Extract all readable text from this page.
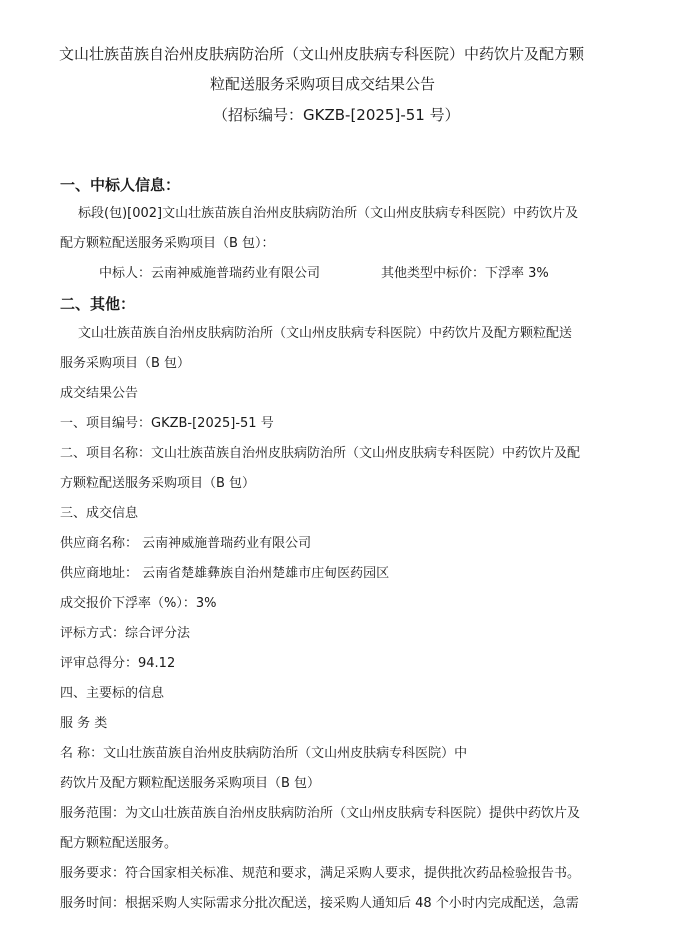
文山壮族苗族自治州皮肤病防治所（文山州皮肤病专科医院）中药饮片及配方颗
粒配送服务采购项目成交结果公告
（招标编号：GKZB-[2025]-51 号）
一、中标人信息：
标段(包)[002]文山壮族苗族自治州皮肤病防治所（文山州皮肤病专科医院）中药饮片及
配方颗粒配送服务采购项目（B 包）：
中标人：云南神威施普瑞药业有限公司	其他类型中标价：下浮率 3%
二、其他：
文山壮族苗族自治州皮肤病防治所（文山州皮肤病专科医院）中药饮片及配方颗粒配送
服务采购项目（B 包）
成交结果公告
一、项目编号：GKZB-[2025]-51 号
二、项目名称：文山壮族苗族自治州皮肤病防治所（文山州皮肤病专科医院）中药饮片及配
方颗粒配送服务采购项目（B 包）
三、成交信息
供应商名称： 云南神威施普瑞药业有限公司
供应商地址： 云南省楚雄彝族自治州楚雄市庄甸医药园区
成交报价下浮率（%）：3%
评标方式：综合评分法
评审总得分：94.12
四、主要标的信息
服 务 类
名 称：文山壮族苗族自治州皮肤病防治所（文山州皮肤病专科医院）中
药饮片及配方颗粒配送服务采购项目（B 包）
服务范围：为文山壮族苗族自治州皮肤病防治所（文山州皮肤病专科医院）提供中药饮片及
配方颗粒配送服务。
服务要求：符合国家相关标准、规范和要求，满足采购人要求，提供批次药品检验报告书。
服务时间：根据采购人实际需求分批次配送，接采购人通知后 48 个小时内完成配送，急需
